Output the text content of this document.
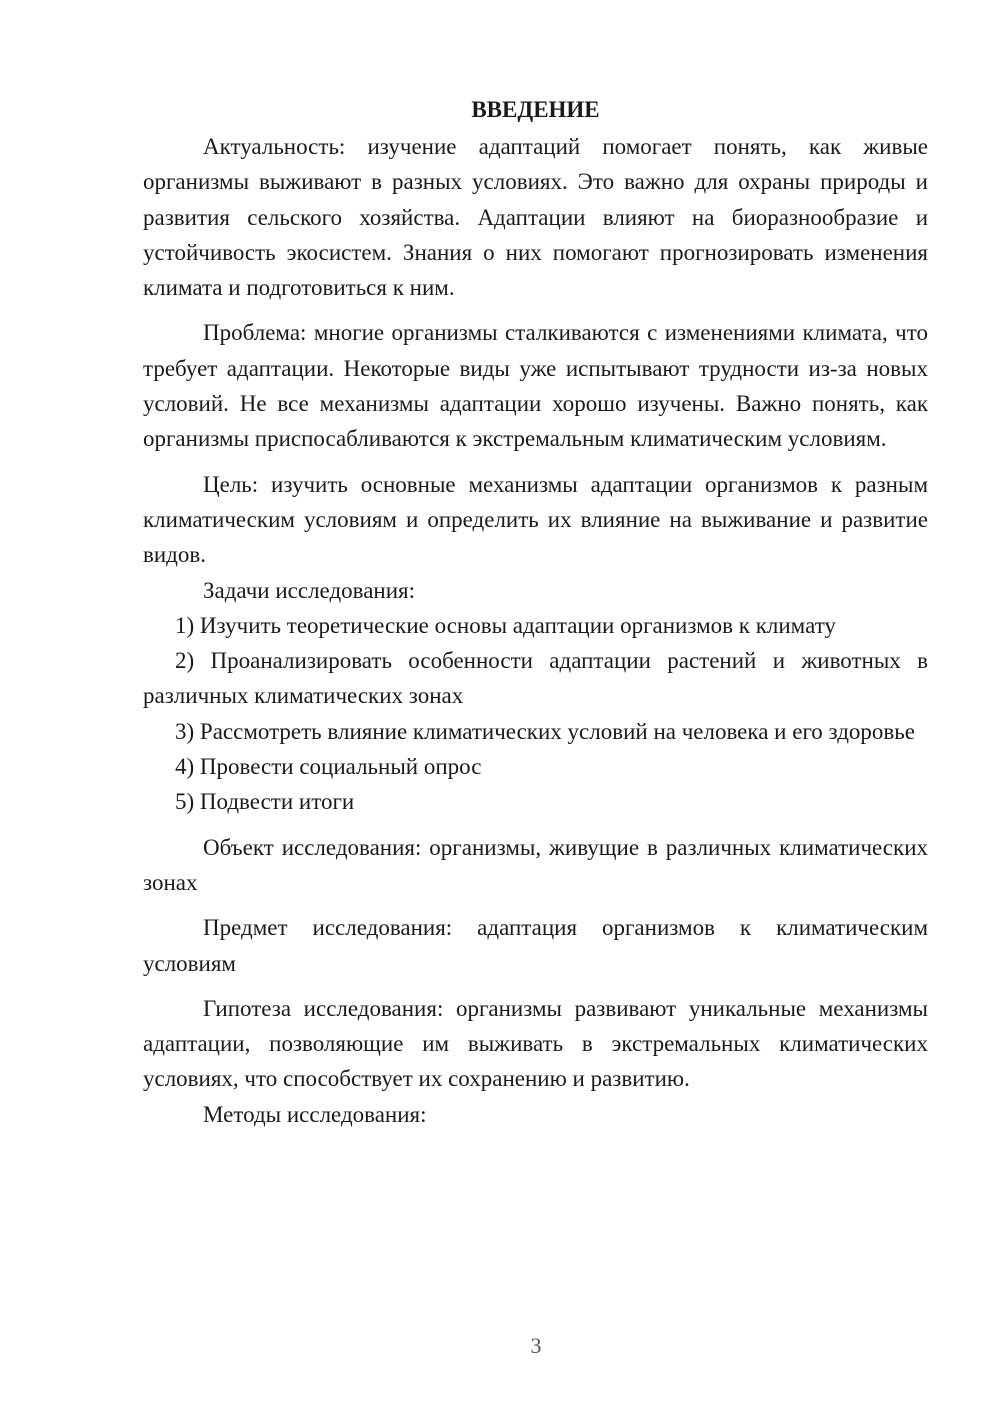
ВВЕДЕНИЕ

Актуальность: изучение адаптаций помогает понять, как живые организмы выживают в разных условиях. Это важно для охраны природы и развития сельского хозяйства. Адаптации влияют на биоразнообразие и устойчивость экосистем. Знания о них помогают прогнозировать изменения климата и подготовиться к ним.

Проблема: многие организмы сталкиваются с изменениями климата, что требует адаптации. Некоторые виды уже испытывают трудности из-за новых условий. Не все механизмы адаптации хорошо изучены. Важно понять, как организмы приспосабливаются к экстремальным климатическим условиям.

Цель: изучить основные механизмы адаптации организмов к разным климатическим условиям и определить их влияние на выживание и развитие видов.

Задачи исследования:

1) Изучить теоретические основы адаптации организмов к климату

2) Проанализировать особенности адаптации растений и животных в различных климатических зонах

3) Рассмотреть влияние климатических условий на человека и его здоровье

4) Провести социальный опрос

5) Подвести итоги

Объект исследования: организмы, живущие в различных климатических зонах

Предмет исследования: адаптация организмов к климатическим условиям

Гипотеза исследования: организмы развивают уникальные механизмы адаптации, позволяющие им выживать в экстремальных климатических условиях, что способствует их сохранению и развитию.

Методы исследования:

3
